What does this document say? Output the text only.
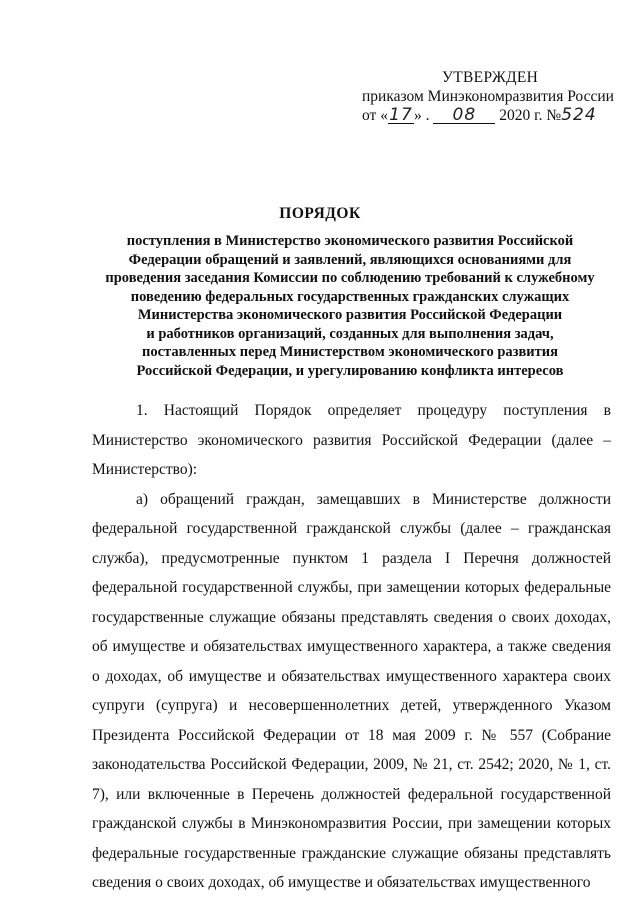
УТВЕРЖДЕН
приказом Минэкономразвития России
от «17» . 08 2020 г. №524
ПОРЯДОК
поступления в Министерство экономического развития Российской
Федерации обращений и заявлений, являющихся основаниями для
проведения заседания Комиссии по соблюдению требований к служебному
поведению федеральных государственных гражданских служащих
Министерства экономического развития Российской Федерации
и работников организаций, созданных для выполнения задач,
поставленных перед Министерством экономического развития
Российской Федерации, и урегулированию конфликта интересов

1. Настоящий Порядок определяет процедуру поступления в Министерство экономического развития Российской Федерации (далее – Министерство):

а) обращений граждан, замещавших в Министерстве должности федеральной государственной гражданской службы (далее – гражданская служба), предусмотренные пунктом 1 раздела I Перечня должностей федеральной государственной службы, при замещении которых федеральные государственные служащие обязаны представлять сведения о своих доходах, об имуществе и обязательствах имущественного характера, а также сведения о доходах, об имуществе и обязательствах имущественного характера своих супруги (супруга) и несовершеннолетних детей, утвержденного Указом Президента Российской Федерации от 18 мая 2009 г. № 557 (Собрание законодательства Российской Федерации, 2009, № 21, ст. 2542; 2020, № 1, ст. 7), или включенные в Перечень должностей федеральной государственной гражданской службы в Минэкономразвития России, при замещении которых федеральные государственные гражданские служащие обязаны представлять сведения о своих доходах, об имуществе и обязательствах имущественного
